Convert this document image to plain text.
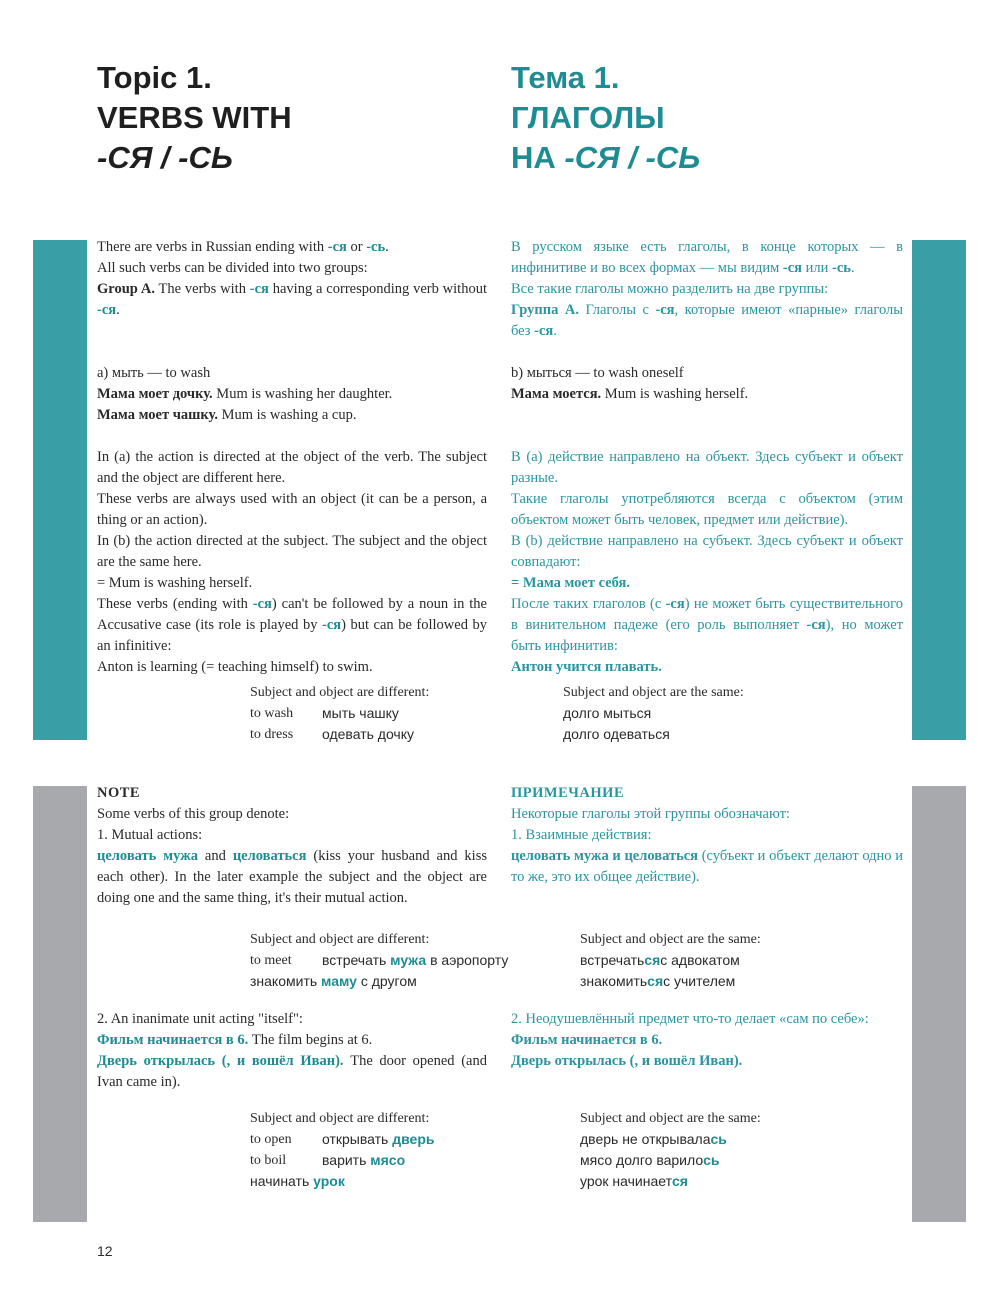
Topic 1.
VERBS WITH
-СЯ / -СЬ
Тема 1.
ГЛАГОЛЫ
НА -СЯ / -СЬ

There are verbs in Russian ending with -ся or -сь.

All such verbs can be divided into two groups:

Group A. The verbs with -ся having a corresponding verb without -ся.

a) мыть — to wash

Мама моет дочку. Mum is washing her daughter.

Мама моет чашку. Mum is washing a cup.

In (a) the action is directed at the object of the verb. The subject and the object are different here.

These verbs are always used with an object (it can be a person, a thing or an action).

In (b) the action directed at the subject. The subject and the object are the same here.

= Mum is washing herself.

These verbs (ending with -ся) can't be followed by a noun in the Accusative case (its role is played by -ся) but can be followed by an infinitive:

Anton is learning (= teaching himself) to swim.

В русском языке есть глаголы, в конце которых — в инфинитиве и во всех формах — мы видим -ся или -сь.

Все такие глаголы можно разделить на две группы:

Группа А. Глаголы с -ся, которые имеют «парные» глаголы без -ся.

b) мыться — to wash oneself

Мама моется. Mum is washing herself.

В (а) действие направлено на объект. Здесь субъект и объект разные.

Такие глаголы употребляются всегда с объектом (этим объектом может быть человек, предмет или действие).

В (b) действие направлено на субъект. Здесь субъект и объект совпадают:

= Мама моет себя.

После таких глаголов (с -ся) не может быть существительного в винительном падеже (его роль выполняет -ся), но может быть инфинитив:

Антон учится плавать.

Subject and object are different:
to wash	мыть чашку
to dress	одевать дочку
Subject and object are the same:
долго мыться
долго одеваться

NOTE

Some verbs of this group denote:

1. Mutual actions:

целовать мужа and целоваться (kiss your husband and kiss each other). In the later example the subject and the object are doing one and the same thing, it's their mutual action.

2. An inanimate unit acting "itself":

Фильм начинается в 6. The film begins at 6.

Дверь открылась (, и вошёл Иван). The door opened (and Ivan came in).

ПРИМЕЧАНИЕ

Некоторые глаголы этой группы обозначают:

1. Взаимные действия:

целовать мужа и целоваться (субъект и объект делают одно и то же, это их общее действие).

2. Неодушевлённый предмет что-то делает «сам по себе»:

Фильм начинается в 6.

Дверь открылась (, и вошёл Иван).

Subject and object are different:
to meet	встречать мужа в аэропорту
знакомить маму с другом
Subject and object are the same:
встречать ся с адвокатом
знакомить ся с учителем
Subject and object are different:
to open	открывать дверь
to boil	варить мясо
начинать урок
Subject and object are the same:
дверь не открывала сь
мясо долго варило сь
урок начинает ся
12
